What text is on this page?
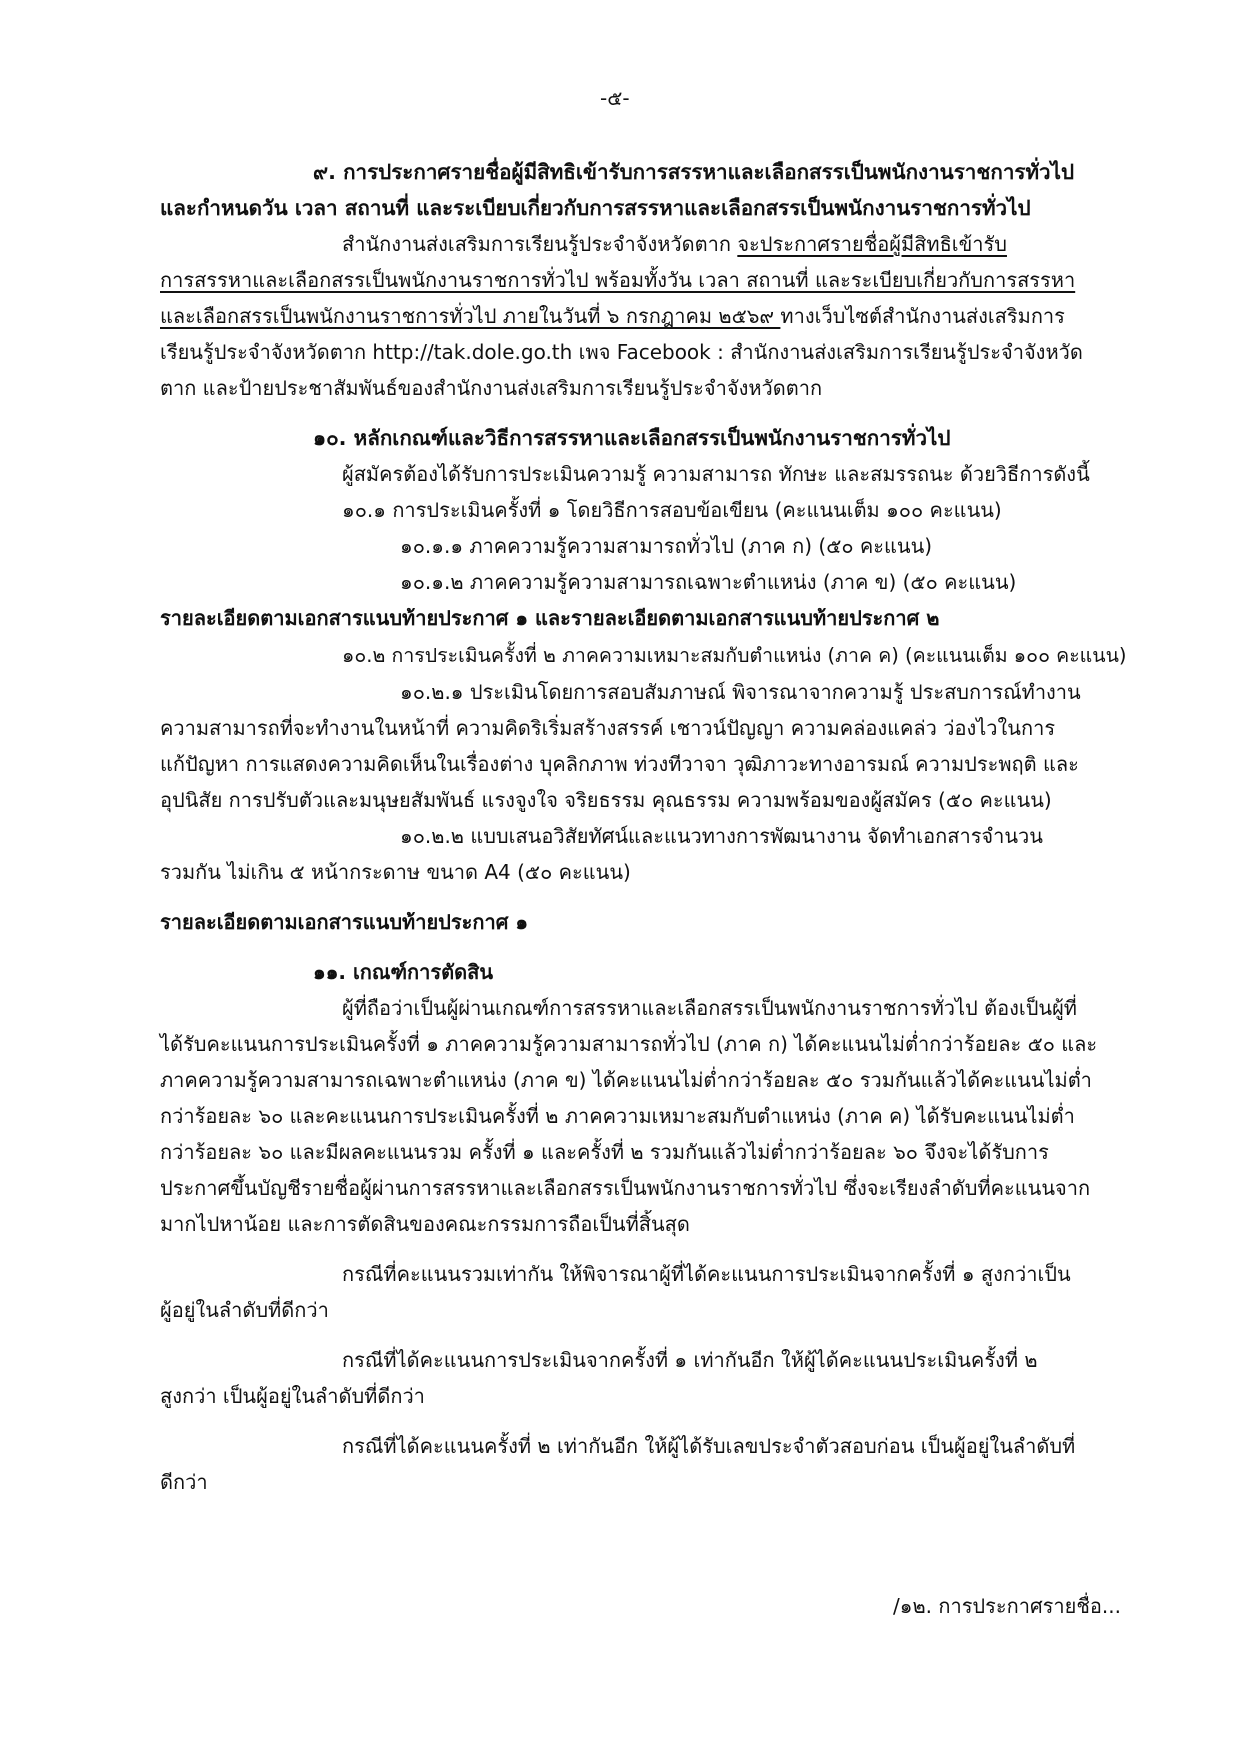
-๕-
๙. การประกาศรายชื่อผู้มีสิทธิเข้ารับการสรรหาและเลือกสรรเป็นพนักงานราชการทั่วไป
และกำหนดวัน เวลา สถานที่ และระเบียบเกี่ยวกับการสรรหาและเลือกสรรเป็นพนักงานราชการทั่วไป
สำนักงานส่งเสริมการเรียนรู้ประจำจังหวัดตาก จะประกาศรายชื่อผู้มีสิทธิเข้ารับ
การสรรหาและเลือกสรรเป็นพนักงานราชการทั่วไป พร้อมทั้งวัน เวลา สถานที่ และระเบียบเกี่ยวกับการสรรหา
และเลือกสรรเป็นพนักงานราชการทั่วไป ภายในวันที่ ๖ กรกฎาคม ๒๕๖๙ ทางเว็บไซต์สำนักงานส่งเสริมการ
เรียนรู้ประจำจังหวัดตาก http://tak.dole.go.th เพจ Facebook : สำนักงานส่งเสริมการเรียนรู้ประจำจังหวัด
ตาก และป้ายประชาสัมพันธ์ของสำนักงานส่งเสริมการเรียนรู้ประจำจังหวัดตาก
๑๐. หลักเกณฑ์และวิธีการสรรหาและเลือกสรรเป็นพนักงานราชการทั่วไป
ผู้สมัครต้องได้รับการประเมินความรู้ ความสามารถ ทักษะ และสมรรถนะ ด้วยวิธีการดังนี้
๑๐.๑ การประเมินครั้งที่ ๑ โดยวิธีการสอบข้อเขียน (คะแนนเต็ม ๑๐๐ คะแนน)
๑๐.๑.๑ ภาคความรู้ความสามารถทั่วไป (ภาค ก) (๕๐ คะแนน)
๑๐.๑.๒ ภาคความรู้ความสามารถเฉพาะตำแหน่ง (ภาค ข) (๕๐ คะแนน)
รายละเอียดตามเอกสารแนบท้ายประกาศ ๑ และรายละเอียดตามเอกสารแนบท้ายประกาศ ๒
๑๐.๒ การประเมินครั้งที่ ๒ ภาคความเหมาะสมกับตำแหน่ง (ภาค ค) (คะแนนเต็ม ๑๐๐ คะแนน)
๑๐.๒.๑ ประเมินโดยการสอบสัมภาษณ์ พิจารณาจากความรู้ ประสบการณ์ทำงาน
ความสามารถที่จะทำงานในหน้าที่ ความคิดริเริ่มสร้างสรรค์ เชาวน์ปัญญา ความคล่องแคล่ว ว่องไวในการ
แก้ปัญหา การแสดงความคิดเห็นในเรื่องต่าง บุคลิกภาพ ท่วงทีวาจา วุฒิภาวะทางอารมณ์ ความประพฤติ และ
อุปนิสัย การปรับตัวและมนุษยสัมพันธ์ แรงจูงใจ จริยธรรม คุณธรรม ความพร้อมของผู้สมัคร (๕๐ คะแนน)
๑๐.๒.๒ แบบเสนอวิสัยทัศน์และแนวทางการพัฒนางาน จัดทำเอกสารจำนวน
รวมกัน ไม่เกิน ๕ หน้ากระดาษ ขนาด A4 (๕๐ คะแนน)
รายละเอียดตามเอกสารแนบท้ายประกาศ ๑
๑๑. เกณฑ์การตัดสิน
ผู้ที่ถือว่าเป็นผู้ผ่านเกณฑ์การสรรหาและเลือกสรรเป็นพนักงานราชการทั่วไป ต้องเป็นผู้ที่
ได้รับคะแนนการประเมินครั้งที่ ๑ ภาคความรู้ความสามารถทั่วไป (ภาค ก) ได้คะแนนไม่ต่ำกว่าร้อยละ ๕๐ และ
ภาคความรู้ความสามารถเฉพาะตำแหน่ง (ภาค ข) ได้คะแนนไม่ต่ำกว่าร้อยละ ๕๐ รวมกันแล้วได้คะแนนไม่ต่ำ
กว่าร้อยละ ๖๐ และคะแนนการประเมินครั้งที่ ๒ ภาคความเหมาะสมกับตำแหน่ง (ภาค ค) ได้รับคะแนนไม่ต่ำ
กว่าร้อยละ ๖๐ และมีผลคะแนนรวม ครั้งที่ ๑ และครั้งที่ ๒ รวมกันแล้วไม่ต่ำกว่าร้อยละ ๖๐ จึงจะได้รับการ
ประกาศขึ้นบัญชีรายชื่อผู้ผ่านการสรรหาและเลือกสรรเป็นพนักงานราชการทั่วไป ซึ่งจะเรียงลำดับที่คะแนนจาก
มากไปหาน้อย และการตัดสินของคณะกรรมการถือเป็นที่สิ้นสุด
กรณีที่คะแนนรวมเท่ากัน ให้พิจารณาผู้ที่ได้คะแนนการประเมินจากครั้งที่ ๑ สูงกว่าเป็น
ผู้อยู่ในลำดับที่ดีกว่า
กรณีที่ได้คะแนนการประเมินจากครั้งที่ ๑ เท่ากันอีก ให้ผู้ได้คะแนนประเมินครั้งที่ ๒
สูงกว่า เป็นผู้อยู่ในลำดับที่ดีกว่า
กรณีที่ได้คะแนนครั้งที่ ๒ เท่ากันอีก ให้ผู้ได้รับเลขประจำตัวสอบก่อน เป็นผู้อยู่ในลำดับที่
ดีกว่า
/๑๒. การประกาศรายชื่อ...
